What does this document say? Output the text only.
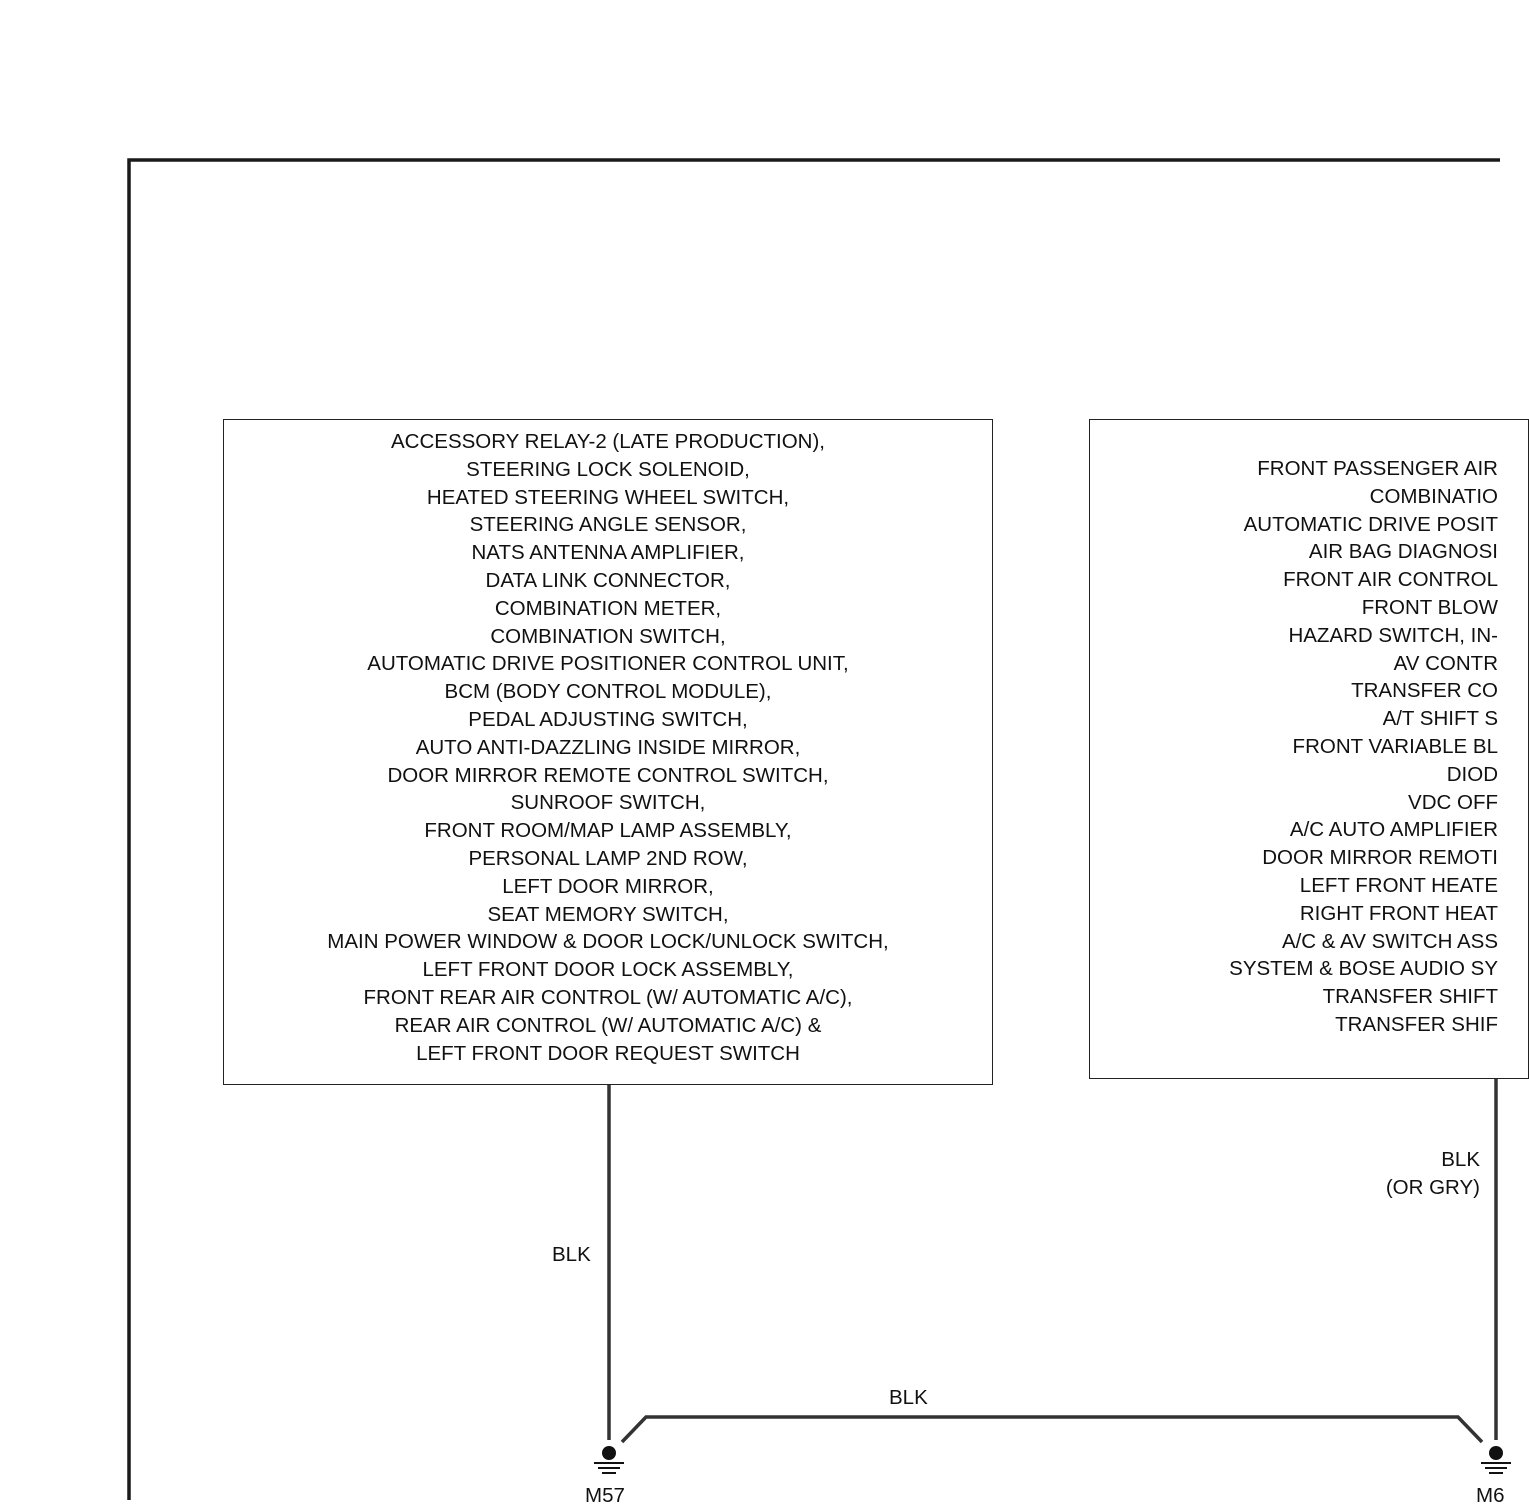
ACCESSORY RELAY-2 (LATE PRODUCTION),
STEERING LOCK SOLENOID,
HEATED STEERING WHEEL SWITCH,
STEERING ANGLE SENSOR,
NATS ANTENNA AMPLIFIER,
DATA LINK CONNECTOR,
COMBINATION METER,
COMBINATION SWITCH,
AUTOMATIC DRIVE POSITIONER CONTROL UNIT,
BCM (BODY CONTROL MODULE),
PEDAL ADJUSTING SWITCH,
AUTO ANTI-DAZZLING INSIDE MIRROR,
DOOR MIRROR REMOTE CONTROL SWITCH,
SUNROOF SWITCH,
FRONT ROOM/MAP LAMP ASSEMBLY,
PERSONAL LAMP 2ND ROW,
LEFT DOOR MIRROR,
SEAT MEMORY SWITCH,
MAIN POWER WINDOW & DOOR LOCK/UNLOCK SWITCH,
LEFT FRONT DOOR LOCK ASSEMBLY,
FRONT REAR AIR CONTROL (W/ AUTOMATIC A/C),
REAR AIR CONTROL (W/ AUTOMATIC A/C) &
LEFT FRONT DOOR REQUEST SWITCH
FRONT PASSENGER AIR
COMBINATIO
AUTOMATIC DRIVE POSIT
AIR BAG DIAGNOSI
FRONT AIR CONTROL
FRONT BLOW
HAZARD SWITCH, IN-
AV CONTR
TRANSFER CO
A/T SHIFT S
FRONT VARIABLE BL
DIOD
VDC OFF
A/C AUTO AMPLIFIER
DOOR MIRROR REMOTI
LEFT FRONT HEATE
RIGHT FRONT HEAT
A/C & AV SWITCH ASS
SYSTEM & BOSE AUDIO SY
TRANSFER SHIFT
TRANSFER SHIF
BLK
BLK
(OR GRY)
BLK
M57	M6
